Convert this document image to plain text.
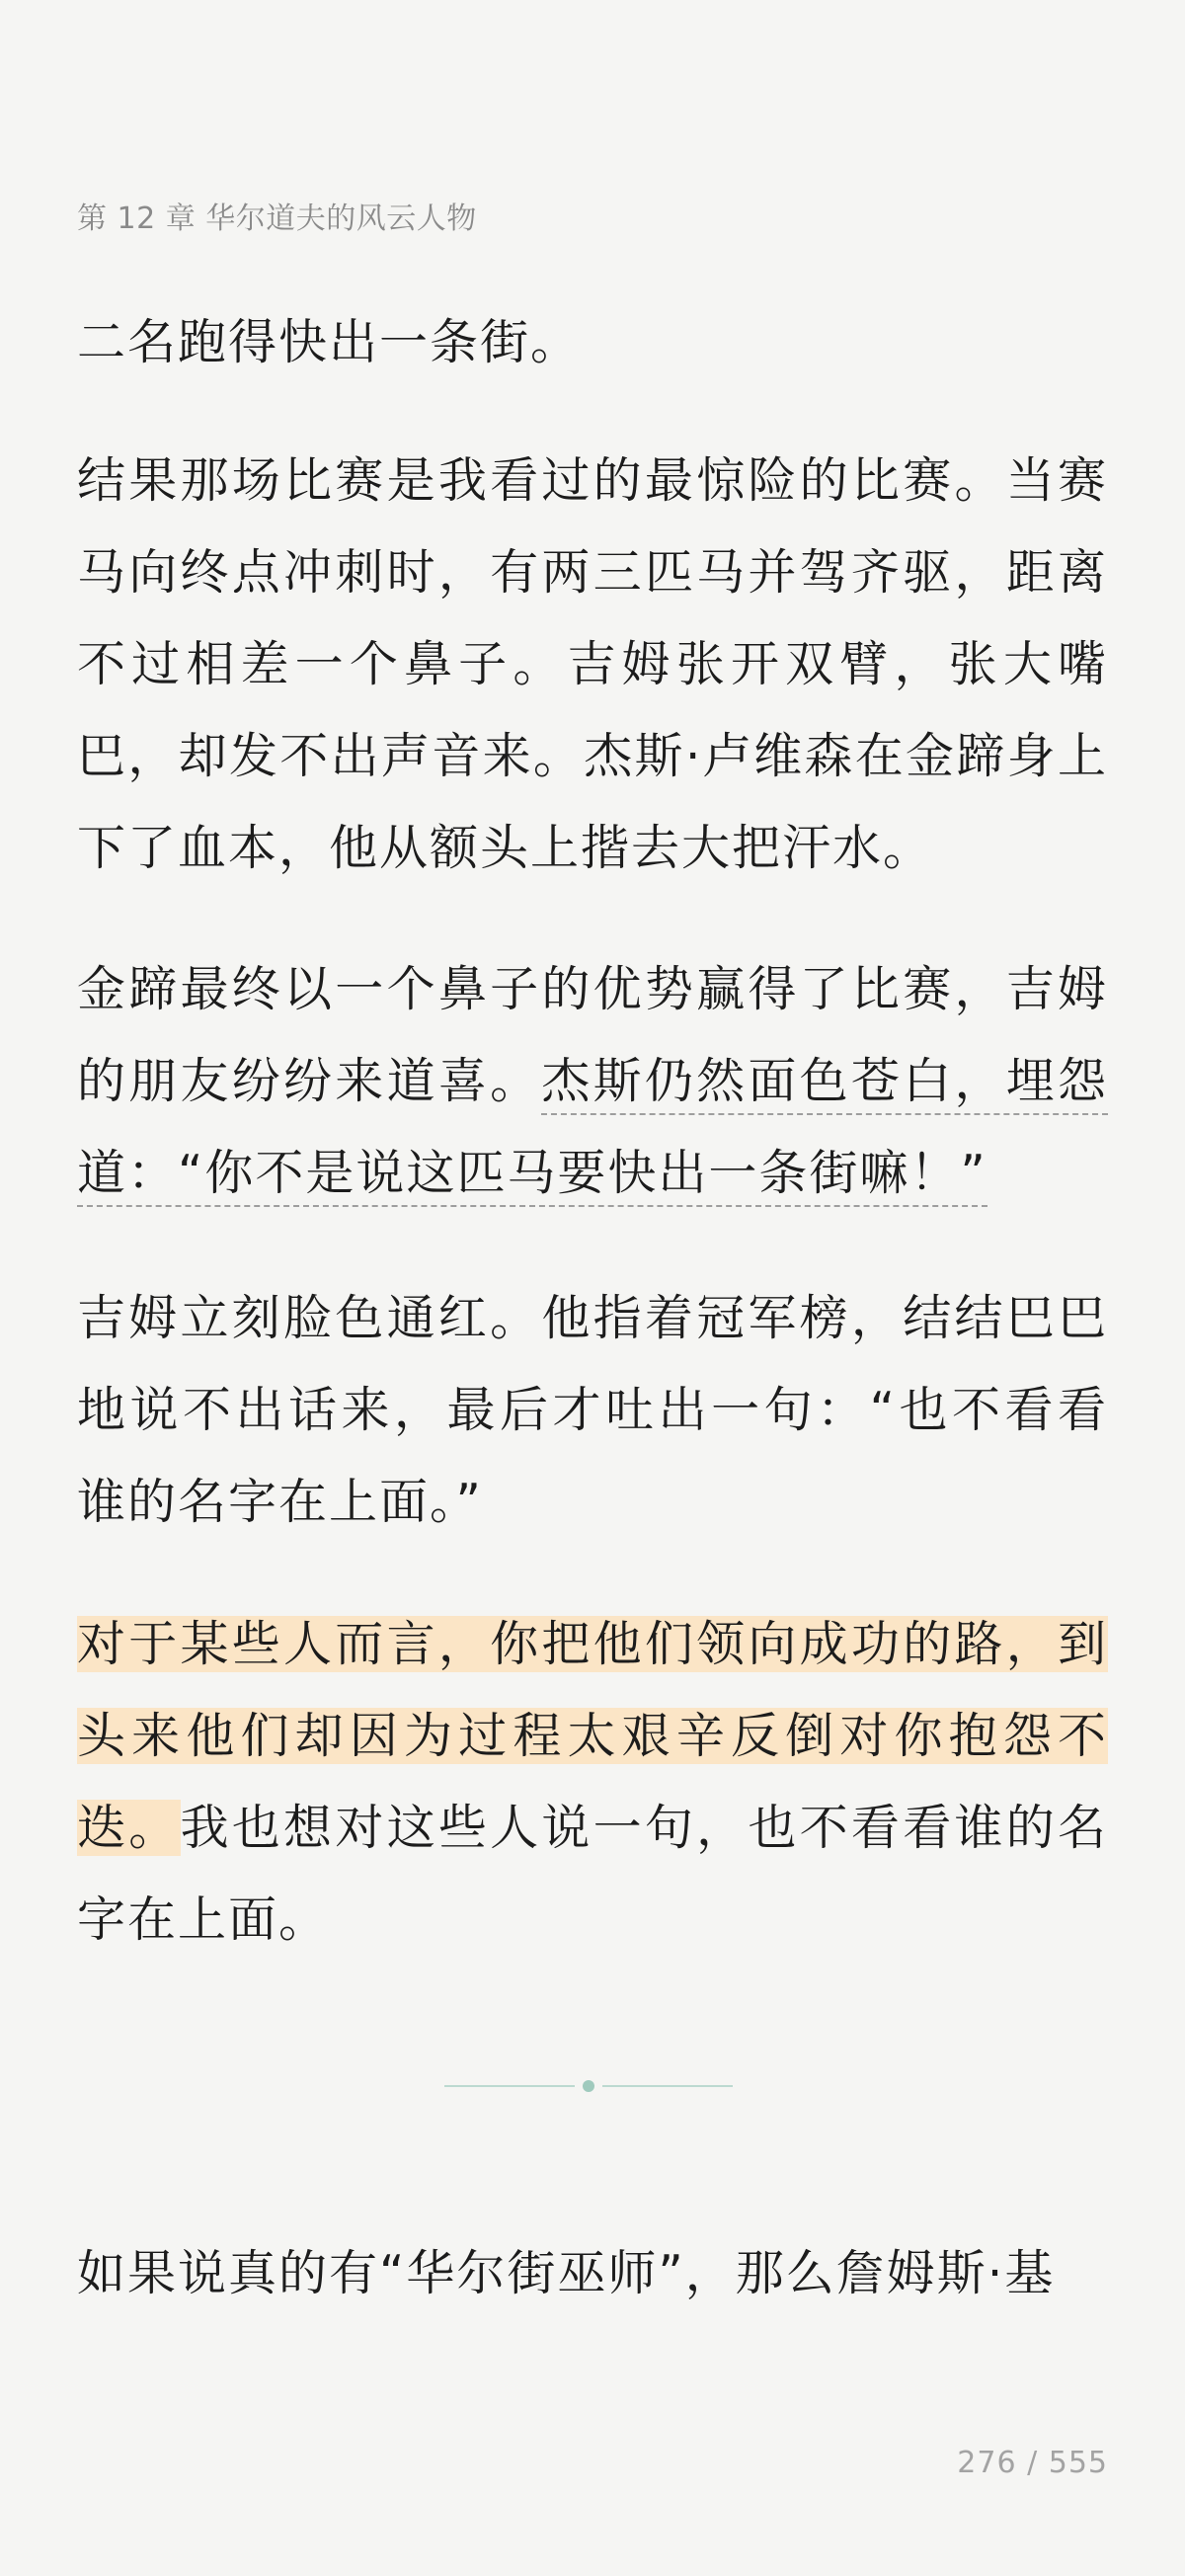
第 12 章 华尔道夫的风云人物

二名跑得快出一条街。

结果那场比赛是我看过的最惊险的比赛。当赛马向终点冲刺时，有两三匹马并驾齐驱，距离不过相差一个鼻子。吉姆张开双臂，张大嘴巴，却发不出声音来。杰斯·卢维森在金蹄身上下了血本，他从额头上揩去大把汗水。

金蹄最终以一个鼻子的优势赢得了比赛，吉姆的朋友纷纷来道喜。杰斯仍然面色苍白，埋怨道：“你不是说这匹马要快出一条街嘛！”

吉姆立刻脸色通红。他指着冠军榜，结结巴巴地说不出话来，最后才吐出一句：“也不看看谁的名字在上面。”

对于某些人而言，你把他们领向成功的路，到头来他们却因为过程太艰辛反倒对你抱怨不迭。我也想对这些人说一句，也不看看谁的名字在上面。

如果说真的有“华尔街巫师”，那么詹姆斯·基

276 / 555
